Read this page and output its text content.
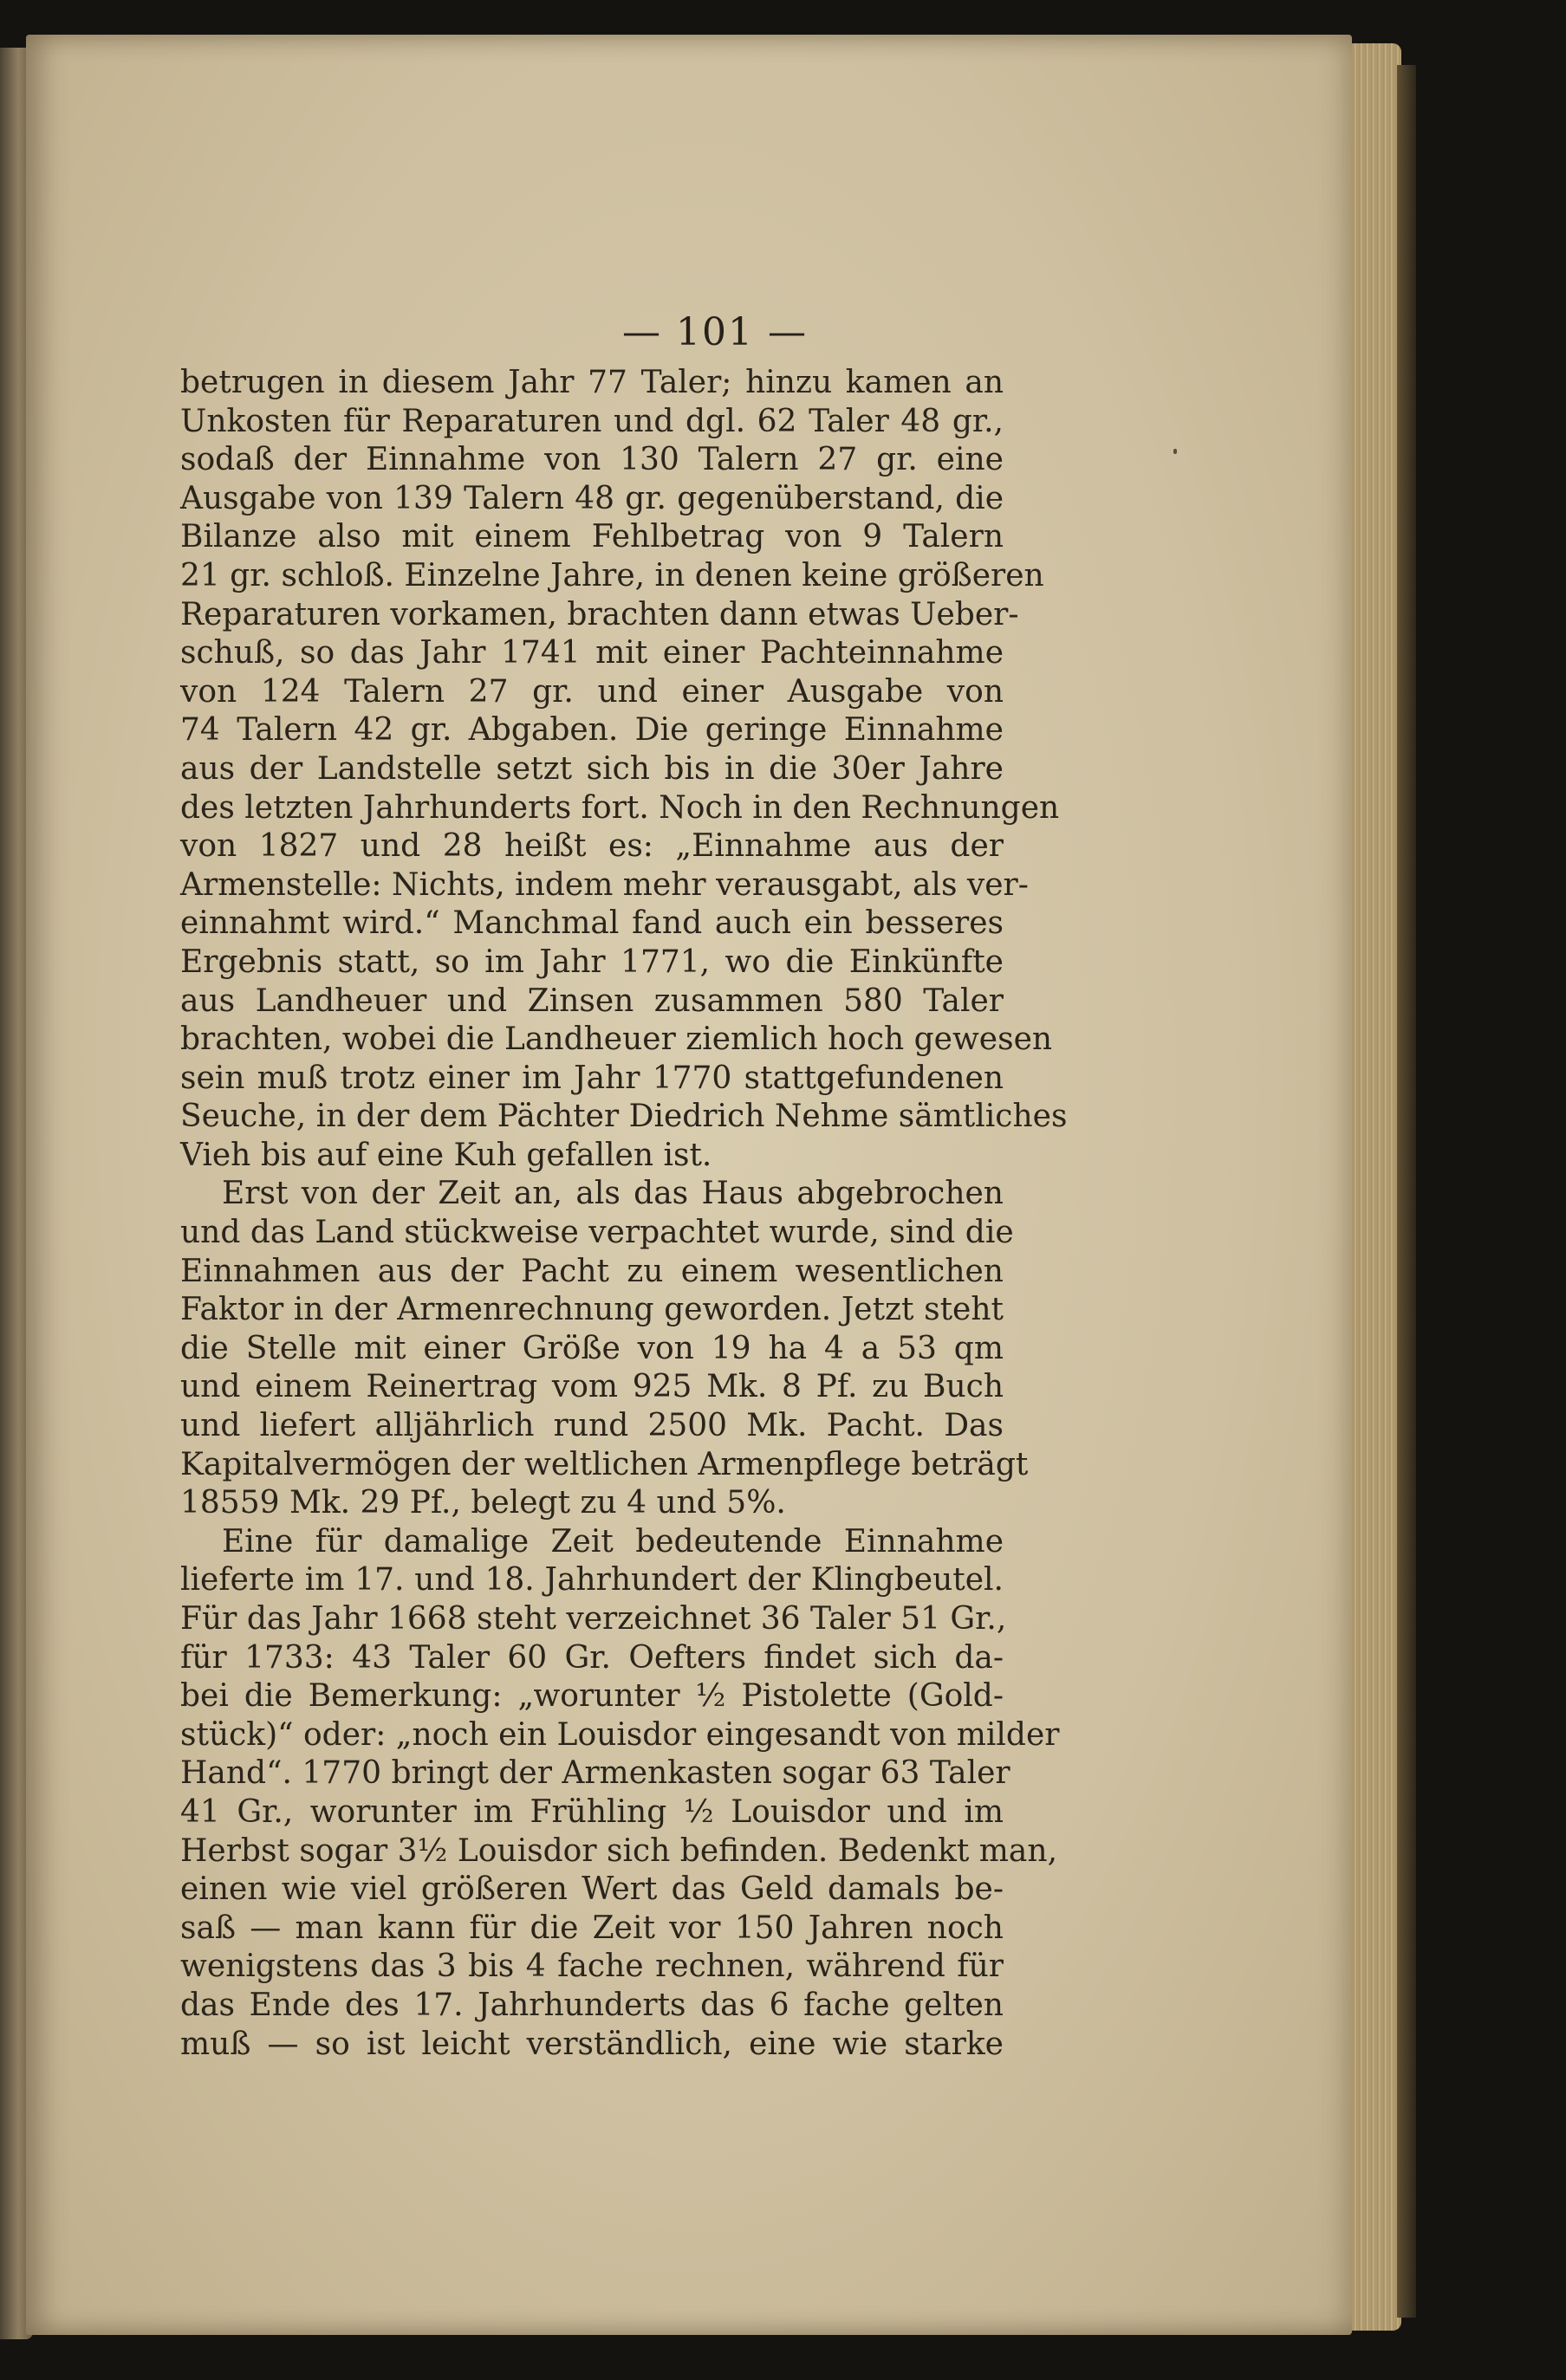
— 101 —
betrugen in diesem Jahr 77 Taler; hinzu kamen an
Unkosten für Reparaturen und dgl. 62 Taler 48 gr.,
sodaß der Einnahme von 130 Talern 27 gr. eine
Ausgabe von 139 Talern 48 gr. gegenüberstand, die
Bilanze also mit einem Fehlbetrag von 9 Talern
21 gr. schloß. Einzelne Jahre, in denen keine größeren
Reparaturen vorkamen, brachten dann etwas Ueber-
schuß, so das Jahr 1741 mit einer Pachteinnahme
von 124 Talern 27 gr. und einer Ausgabe von
74 Talern 42 gr. Abgaben. Die geringe Einnahme
aus der Landstelle setzt sich bis in die 30er Jahre
des letzten Jahrhunderts fort. Noch in den Rechnungen
von 1827 und 28 heißt es: „Einnahme aus der
Armenstelle: Nichts, indem mehr verausgabt, als ver-
einnahmt wird.“ Manchmal fand auch ein besseres
Ergebnis statt, so im Jahr 1771, wo die Einkünfte
aus Landheuer und Zinsen zusammen 580 Taler
brachten, wobei die Landheuer ziemlich hoch gewesen
sein muß trotz einer im Jahr 1770 stattgefundenen
Seuche, in der dem Pächter Diedrich Nehme sämtliches
Vieh bis auf eine Kuh gefallen ist.
Erst von der Zeit an, als das Haus abgebrochen
und das Land stückweise verpachtet wurde, sind die
Einnahmen aus der Pacht zu einem wesentlichen
Faktor in der Armenrechnung geworden. Jetzt steht
die Stelle mit einer Größe von 19 ha 4 a 53 qm
und einem Reinertrag vom 925 Mk. 8 Pf. zu Buch
und liefert alljährlich rund 2500 Mk. Pacht. Das
Kapitalvermögen der weltlichen Armenpflege beträgt
18559 Mk. 29 Pf., belegt zu 4 und 5%.
Eine für damalige Zeit bedeutende Einnahme
lieferte im 17. und 18. Jahrhundert der Klingbeutel.
Für das Jahr 1668 steht verzeichnet 36 Taler 51 Gr.,
für 1733: 43 Taler 60 Gr. Oefters findet sich da-
bei die Bemerkung: „worunter ½ Pistolette (Gold-
stück)“ oder: „noch ein Louisdor eingesandt von milder
Hand“. 1770 bringt der Armenkasten sogar 63 Taler
41 Gr., worunter im Frühling ½ Louisdor und im
Herbst sogar 3½ Louisdor sich befinden. Bedenkt man,
einen wie viel größeren Wert das Geld damals be-
saß — man kann für die Zeit vor 150 Jahren noch
wenigstens das 3 bis 4 fache rechnen, während für
das Ende des 17. Jahrhunderts das 6 fache gelten
muß — so ist leicht verständlich, eine wie starke
